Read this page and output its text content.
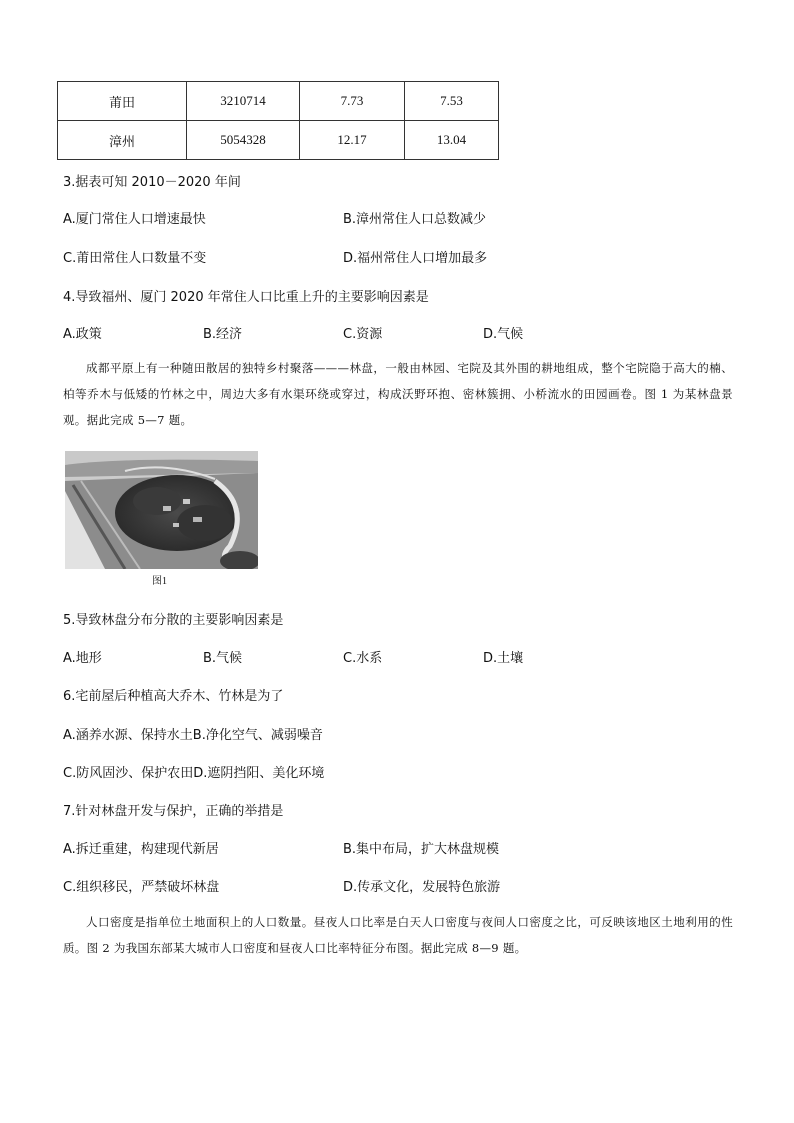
莆田	3210714	7.73	7.53
漳州	5054328	12.17	13.04
3.据表可知 2010－2020 年间
A.厦门常住人口增速最快	B.漳州常住人口总数减少
C.莆田常住人口数量不变	D.福州常住人口增加最多
4.导致福州、厦门 2020 年常住人口比重上升的主要影响因素是
A.政策	B.经济	C.资源	D.气候

成都平原上有一种随田散居的独特乡村聚落———林盘，一般由林园、宅院及其外围的耕地组成，整个宅院隐于高大的楠、柏等乔木与低矮的竹林之中，周边大多有水渠环绕或穿过，构成沃野环抱、密林簇拥、小桥流水的田园画卷。图 1 为某林盘景观。据此完成 5—7 题。

图1
5.导致林盘分布分散的主要影响因素是
A.地形	B.气候	C.水系	D.土壤
6.宅前屋后种植高大乔木、竹林是为了
A.涵养水源、保持水土B.净化空气、减弱噪音
C.防风固沙、保护农田D.遮阴挡阳、美化环境
7.针对林盘开发与保护，正确的举措是
A.拆迁重建，构建现代新居	B.集中布局，扩大林盘规模
C.组织移民，严禁破坏林盘	D.传承文化，发展特色旅游

人口密度是指单位土地面积上的人口数量。昼夜人口比率是白天人口密度与夜间人口密度之比，可反映该地区土地利用的性质。图 2 为我国东部某大城市人口密度和昼夜人口比率特征分布图。据此完成 8—9 题。
